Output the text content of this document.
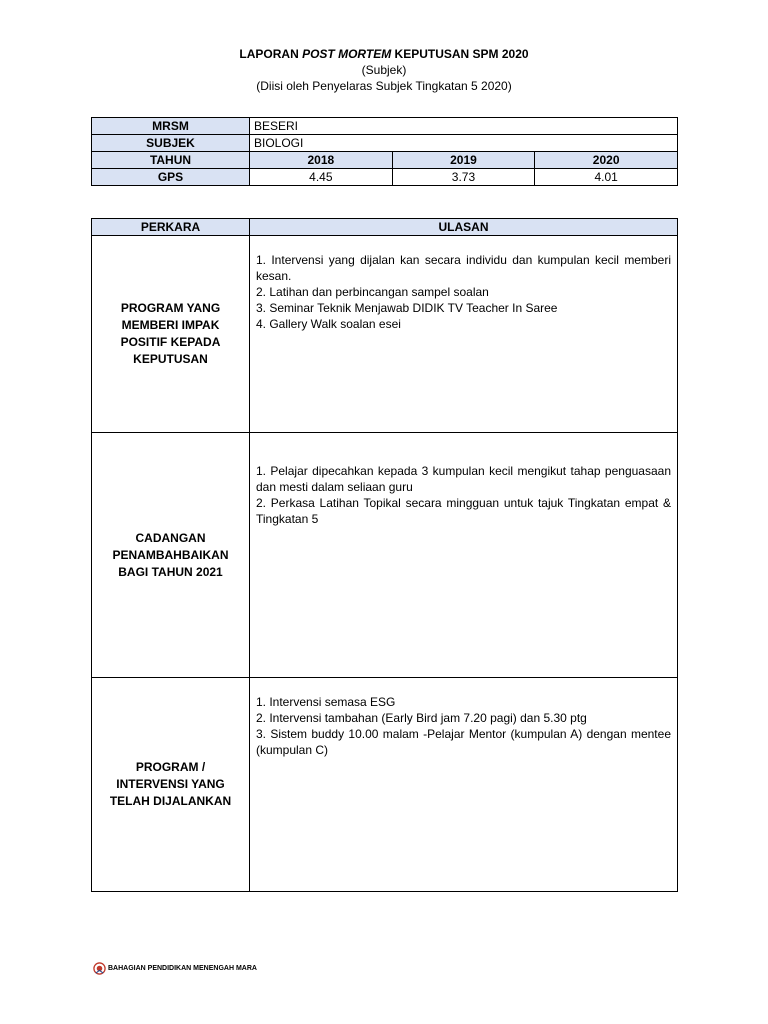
LAPORAN POST MORTEM KEPUTUSAN SPM 2020
(Subjek)
(Diisi oleh Penyelaras Subjek Tingkatan 5 2020)
MRSM	BESERI		
SUBJEK	BIOLOGI		
TAHUN	2018	2019	2020
GPS	4.45	3.73	4.01
PERKARA	ULASAN
PROGRAM YANG MEMBERI IMPAK POSITIF KEPADA KEPUTUSAN	1. Intervensi yang dijalan kan secara individu dan kumpulan kecil memberi kesan.
2. Latihan dan perbincangan sampel soalan
3. Seminar Teknik Menjawab DIDIK TV Teacher In Saree
4. Gallery Walk soalan esei

CADANGAN PENAMBAHBAIKAN BAGI TAHUN 2021	1. Pelajar dipecahkan kepada 3 kumpulan kecil mengikut tahap penguasaan dan mesti dalam seliaan guru
2. Perkasa Latihan Topikal secara mingguan untuk tajuk Tingkatan empat & Tingkatan 5

PROGRAM / INTERVENSI YANG TELAH DIJALANKAN	1. Intervensi semasa ESG
2. Intervensi tambahan (Early Bird jam 7.20 pagi) dan 5.30 ptg
3. Sistem buddy 10.00 malam -Pelajar Mentor (kumpulan A) dengan mentee (kumpulan C)
BAHAGIAN PENDIDIKAN MENENGAH MARA
